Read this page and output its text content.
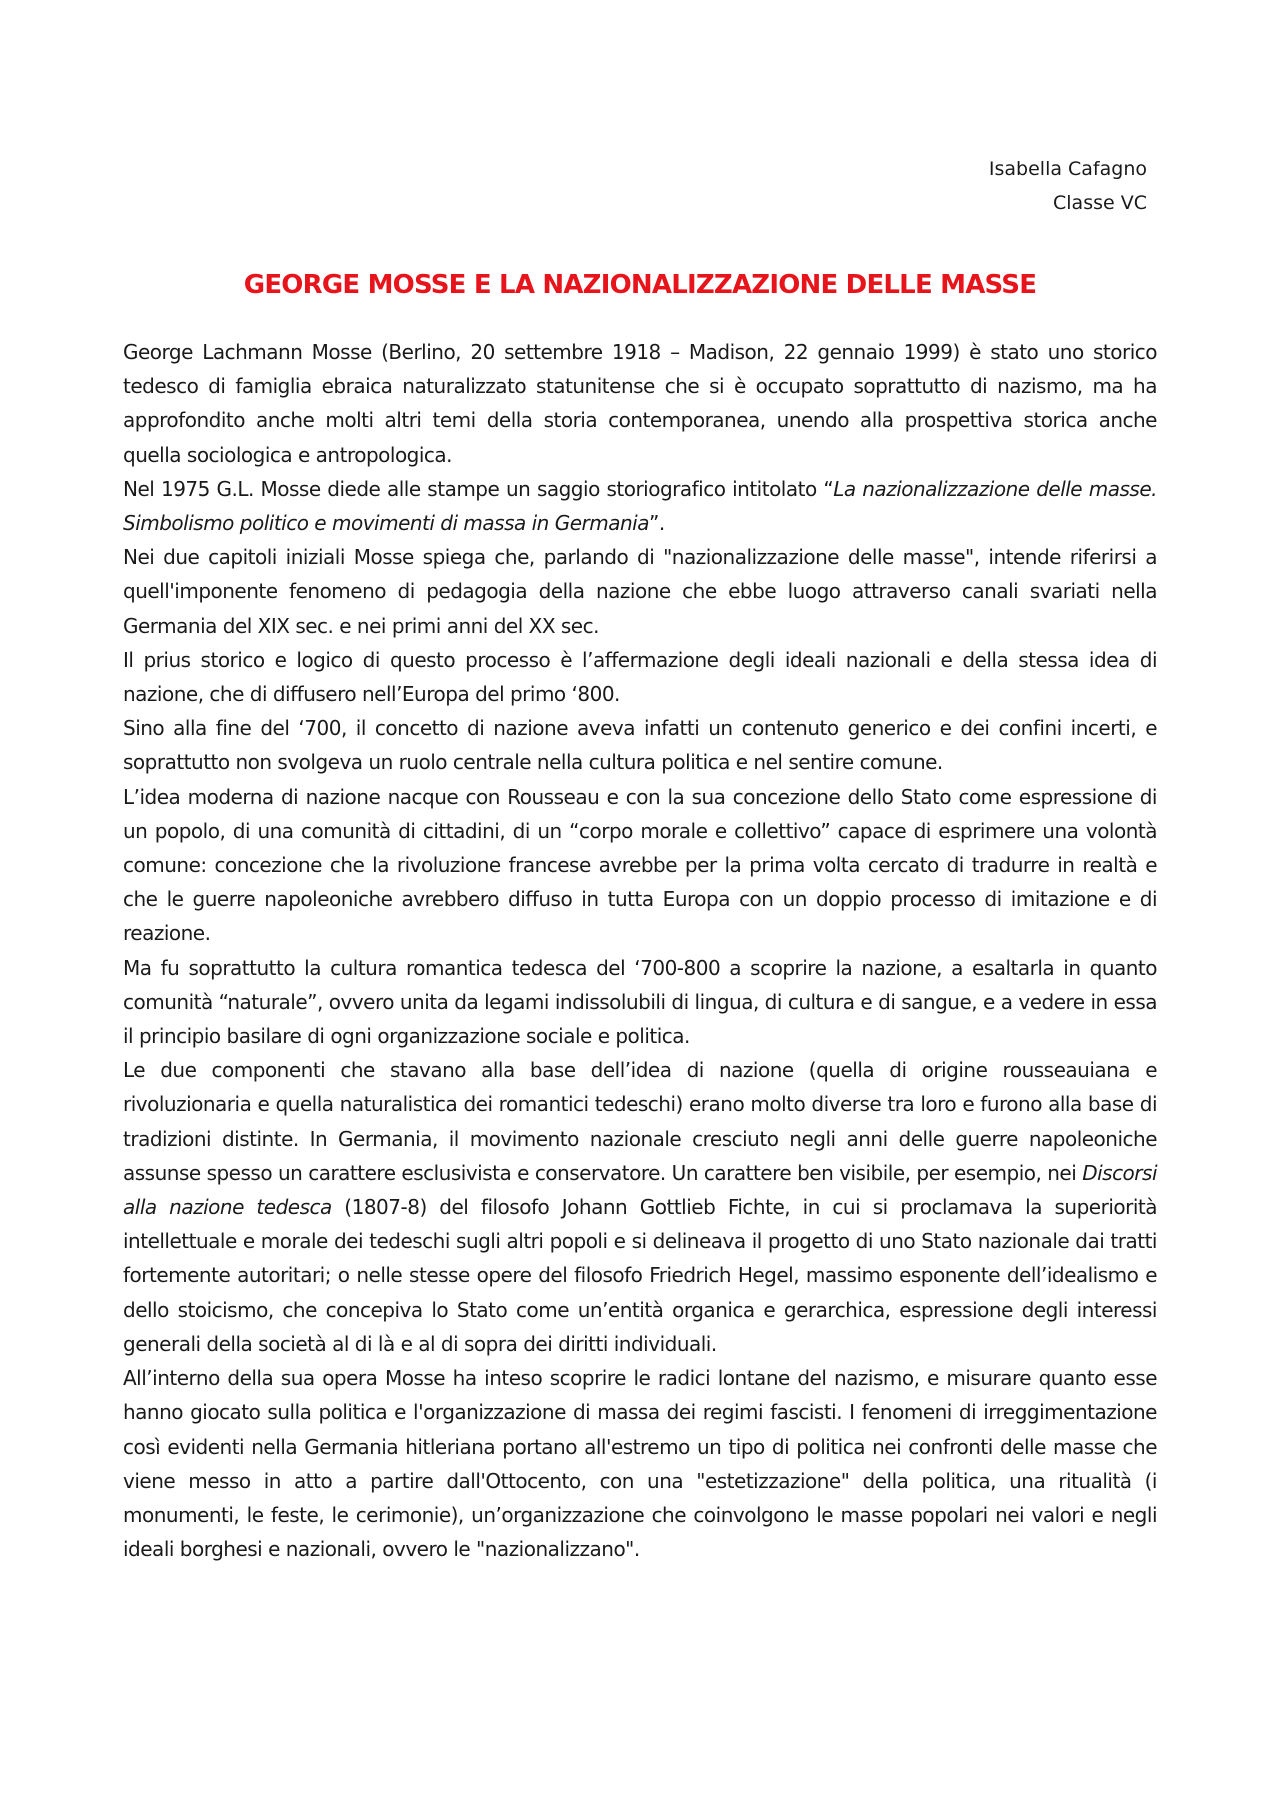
Isabella Cafagno
Classe VC
GEORGE MOSSE E LA NAZIONALIZZAZIONE DELLE MASSE

George Lachmann Mosse (Berlino, 20 settembre 1918 – Madison, 22 gennaio 1999) è stato uno storico tedesco di famiglia ebraica naturalizzato statunitense che si è occupato soprattutto di nazismo, ma ha approfondito anche molti altri temi della storia contemporanea, unendo alla prospettiva storica anche quella sociologica e antropologica.

Nel 1975 G.L. Mosse diede alle stampe un saggio storiografico intitolato “La nazionalizzazione delle masse. Simbolismo politico e movimenti di massa in Germania”.

Nei due capitoli iniziali Mosse spiega che, parlando di "nazionalizzazione delle masse", intende riferirsi a quell'imponente fenomeno di pedagogia della nazione che ebbe luogo attraverso canali svariati nella Germania del XIX sec. e nei primi anni del XX sec.

Il prius storico e logico di questo processo è l’affermazione degli ideali nazionali e della stessa idea di nazione, che di diffusero nell’Europa del primo ‘800.

Sino alla fine del ‘700, il concetto di nazione aveva infatti un contenuto generico e dei confini incerti, e soprattutto non svolgeva un ruolo centrale nella cultura politica e nel sentire comune.

L’idea moderna di nazione nacque con Rousseau e con la sua concezione dello Stato come espressione di un popolo, di una comunità di cittadini, di un “corpo morale e collettivo” capace di esprimere una volontà comune: concezione che la rivoluzione francese avrebbe per la prima volta cercato di tradurre in realtà e che le guerre napoleoniche avrebbero diffuso in tutta Europa con un doppio processo di imitazione e di reazione.

Ma fu soprattutto la cultura romantica tedesca del ‘700-800 a scoprire la nazione, a esaltarla in quanto comunità “naturale”, ovvero unita da legami indissolubili di lingua, di cultura e di sangue, e a vedere in essa il principio basilare di ogni organizzazione sociale e politica.

Le due componenti che stavano alla base dell’idea di nazione (quella di origine rousseauiana e rivoluzionaria e quella naturalistica dei romantici tedeschi) erano molto diverse tra loro e furono alla base di tradizioni distinte. In Germania, il movimento nazionale cresciuto negli anni delle guerre napoleoniche assunse spesso un carattere esclusivista e conservatore. Un carattere ben visibile, per esempio, nei Discorsi alla nazione tedesca (1807-8) del filosofo Johann Gottlieb Fichte, in cui si proclamava la superiorità intellettuale e morale dei tedeschi sugli altri popoli e si delineava il progetto di uno Stato nazionale dai tratti fortemente autoritari; o nelle stesse opere del filosofo Friedrich Hegel, massimo esponente dell’idealismo e dello stoicismo, che concepiva lo Stato come un’entità organica e gerarchica, espressione degli interessi generali della società al di là e al di sopra dei diritti individuali.

All’interno della sua opera Mosse ha inteso scoprire le radici lontane del nazismo, e misurare quanto esse hanno giocato sulla politica e l'organizzazione di massa dei regimi fascisti. I fenomeni di irreggimentazione così evidenti nella Germania hitleriana portano all'estremo un tipo di politica nei confronti delle masse che viene messo in atto a partire dall'Ottocento, con una "estetizzazione" della politica, una ritualità (i monumenti, le feste, le cerimonie), un’organizzazione che coinvolgono le masse popolari nei valori e negli ideali borghesi e nazionali, ovvero le "nazionalizzano".
